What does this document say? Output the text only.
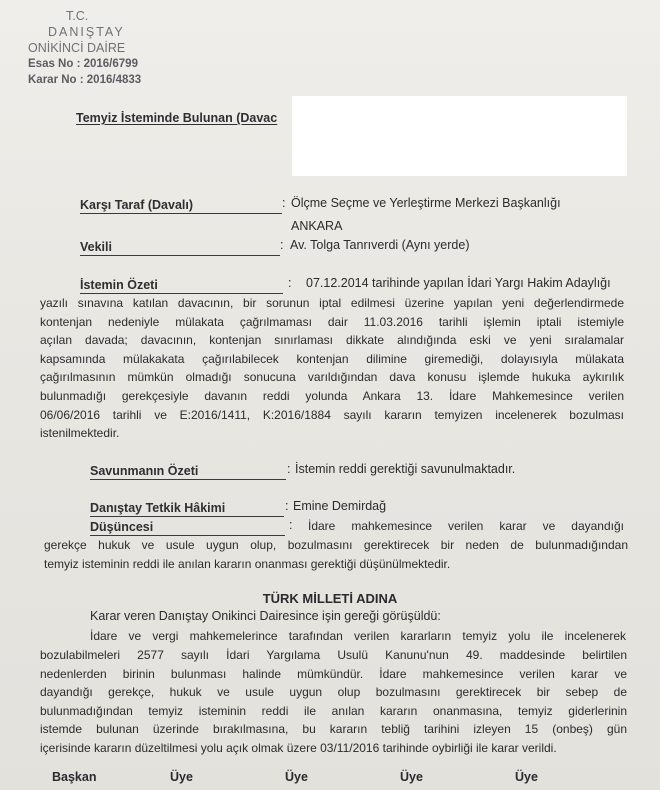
T.C.
DANIŞTAY
ONİKİNCİ DAİRE
Esas No : 2016/6799
Karar No : 2016/4833
Temyiz İsteminde Bulunan (Davac
Karşı Taraf (Davalı)	: Ölçme Seçme ve Yerleştirme Merkezi Başkanlığı
ANKARA
Vekili	: Av. Tolga Tanrıverdi (Aynı yerde)
İstemin Özeti	: 07.12.2014 tarihinde yapılan İdari Yargı Hakim Adaylığı
yazılı sınavına katılan davacının, bir sorunun iptal edilmesi üzerine yapılan yeni değerlendirmede
kontenjan nedeniyle mülakata çağrılmaması dair 11.03.2016 tarihli işlemin iptali istemiyle
açılan davada; davacının, kontenjan sınırlaması dikkate alındığında eski ve yeni sıralamalar
kapsamında mülakakata çağırılabilecek kontenjan dilimine giremediği, dolayısıyla mülakata
çağırılmasının mümkün olmadığı sonucuna varıldığından dava konusu işlemde hukuka aykırılık
bulunmadığı gerekçesiyle davanın reddi yolunda Ankara 13. İdare Mahkemesince verilen
06/06/2016 tarihli ve E:2016/1411, K:2016/1884 sayılı kararın temyizen incelenerek bozulması
istenilmektedir.
Savunmanın Özeti	: İstemin reddi gerektiği savunulmaktadır.
Danıştay Tetkik Hâkimi	: Emine Demirdağ
Düşüncesi	: İdare mahkemesince verilen karar ve dayandığı
gerekçe hukuk ve usule uygun olup, bozulmasını gerektirecek bir neden de bulunmadığından
temyiz isteminin reddi ile anılan kararın onanması gerektiği düşünülmektedir.
TÜRK MİLLETİ ADINA
Karar veren Danıştay Onikinci Dairesince işin gereği görüşüldü:
İdare ve vergi mahkemelerince tarafından verilen kararların temyiz yolu ile incelenerek
bozulabilmeleri 2577 sayılı İdari Yargılama Usulü Kanunu'nun 49. maddesinde belirtilen
nedenlerden birinin bulunması halinde mümkündür. İdare mahkemesince verilen karar ve
dayandığı gerekçe, hukuk ve usule uygun olup bozulmasını gerektirecek bir sebep de
bulunmadığından temyiz isteminin reddi ile anılan kararın onanmasına, temyiz giderlerinin
istemde bulunan üzerinde bırakılmasına, bu kararın tebliğ tarihini izleyen 15 (onbeş) gün
içerisinde kararın düzeltilmesi yolu açık olmak üzere 03/11/2016 tarihinde oybirliği ile karar verildi.
Başkan	Üye	Üye	Üye	Üye
